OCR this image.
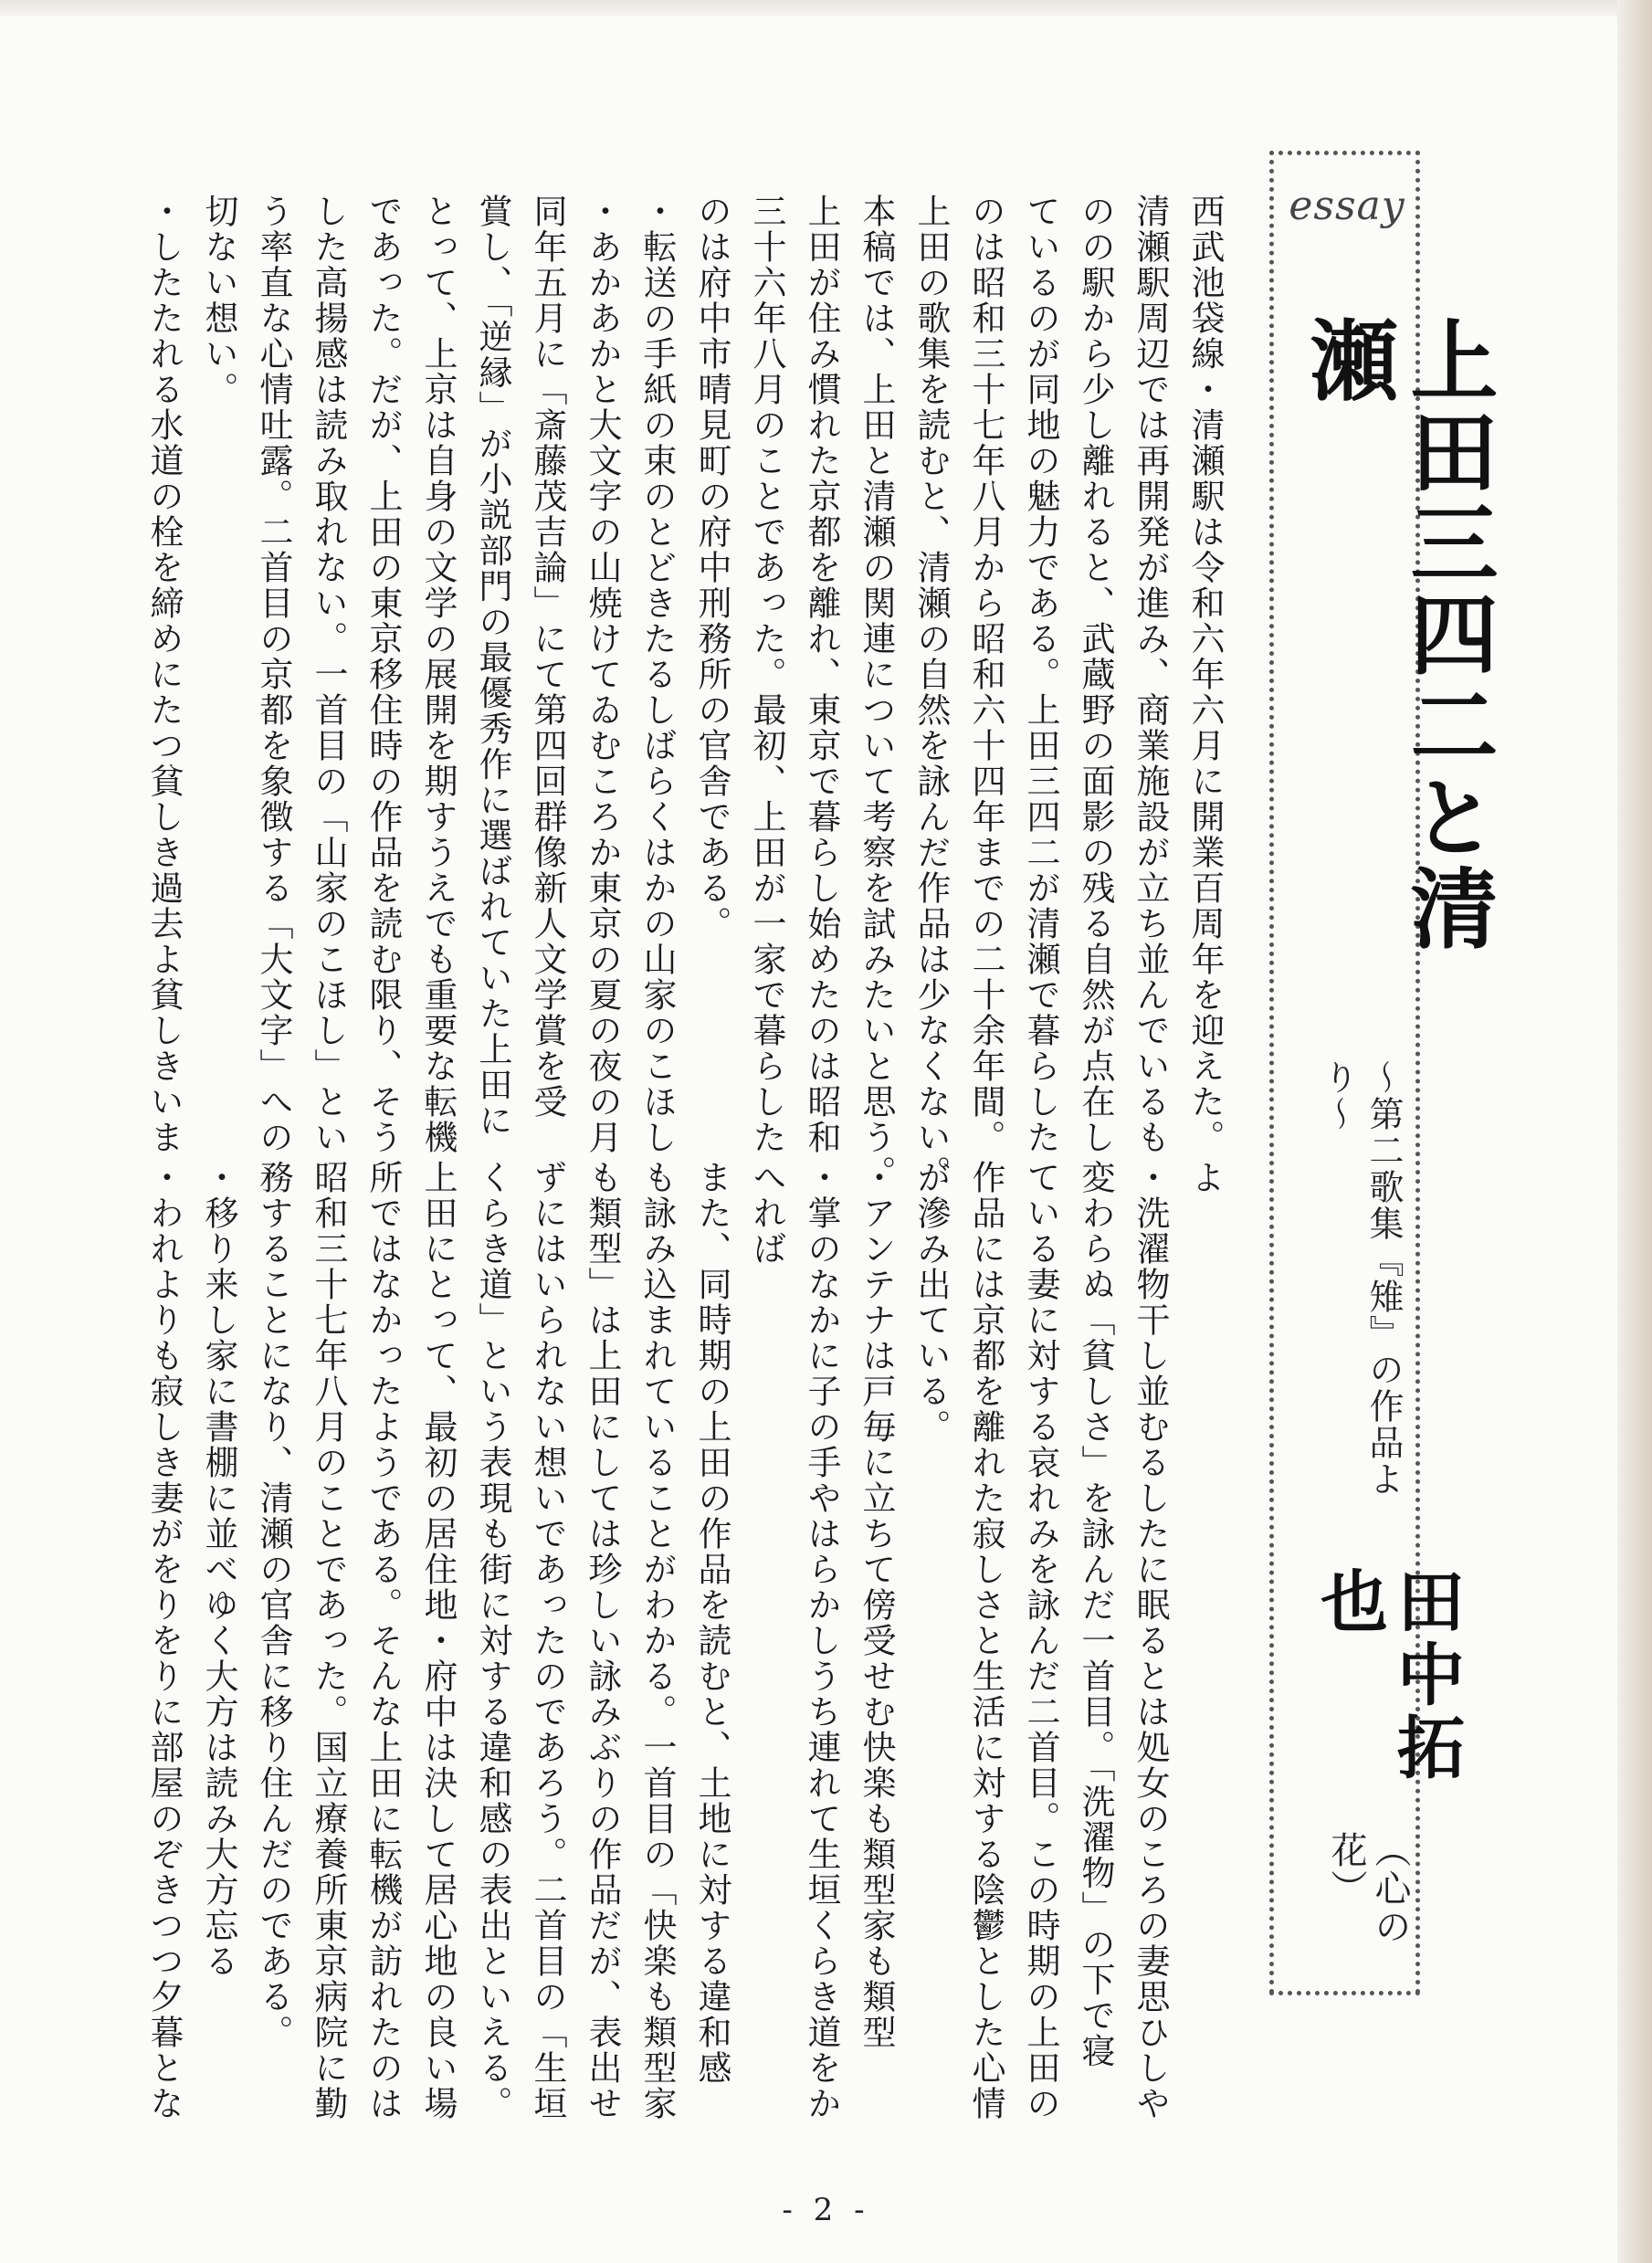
essay
上田三四二と清瀬
〜第二歌集『雉』の作品より〜
田中拓也
（心の花）
西武池袋線・清瀬駅は令和六年六月に開業百周年を迎えた。
清瀬駅周辺では再開発が進み、商業施設が立ち並んでいるも
のの駅から少し離れると、武蔵野の面影の残る自然が点在し
ているのが同地の魅力である。上田三四二が清瀬で暮らした
のは昭和三十七年八月から昭和六十四年までの二十余年間。
上田の歌集を読むと、清瀬の自然を詠んだ作品は少なくない。
本稿では、上田と清瀬の関連について考察を試みたいと思う。
上田が住み慣れた京都を離れ、東京で暮らし始めたのは昭和
三十六年八月のことであった。最初、上田が一家で暮らした
のは府中市晴見町の府中刑務所の官舎である。
・転送の手紙の束のとどきたるしばらくはかの山家のこほし
・あかあかと大文字の山焼けてゐむころか東京の夏の夜の月
同年五月に「斎藤茂吉論」にて第四回群像新人文学賞を受
賞し、「逆縁」が小説部門の最優秀作に選ばれていた上田に
とって、上京は自身の文学の展開を期すうえでも重要な転機
であった。だが、上田の東京移住時の作品を読む限り、そう
した高揚感は読み取れない。一首目の「山家のこほし」とい
う率直な心情吐露。二首目の京都を象徴する「大文字」への
切ない想い。
・したたれる水道の栓を締めにたつ貧しき過去よ貧しきいま
よ
・洗濯物干し並むるしたに眠るとは処女のころの妻思ひしや
変わらぬ「貧しさ」を詠んだ一首目。「洗濯物」の下で寝
ている妻に対する哀れみを詠んだ二首目。この時期の上田の
作品には京都を離れた寂しさと生活に対する陰鬱とした心情
が滲み出ている。
・アンテナは戸毎に立ちて傍受せむ快楽も類型家も類型
・掌のなかに子の手やはらかしうち連れて生垣くらき道をか
へれば
また、同時期の上田の作品を読むと、土地に対する違和感
も詠み込まれていることがわかる。一首目の「快楽も類型家
も類型」は上田にしては珍しい詠みぶりの作品だが、表出せ
ずにはいられない想いであったのであろう。二首目の「生垣
くらき道」という表現も街に対する違和感の表出といえる。
上田にとって、最初の居住地・府中は決して居心地の良い場
所ではなかったようである。そんな上田に転機が訪れたのは
昭和三十七年八月のことであった。国立療養所東京病院に勤
務することになり、清瀬の官舎に移り住んだのである。
・移り来し家に書棚に並べゆく大方は読み大方忘る
・われよりも寂しき妻がをりをりに部屋のぞきつつ夕暮とな
- 2 -
